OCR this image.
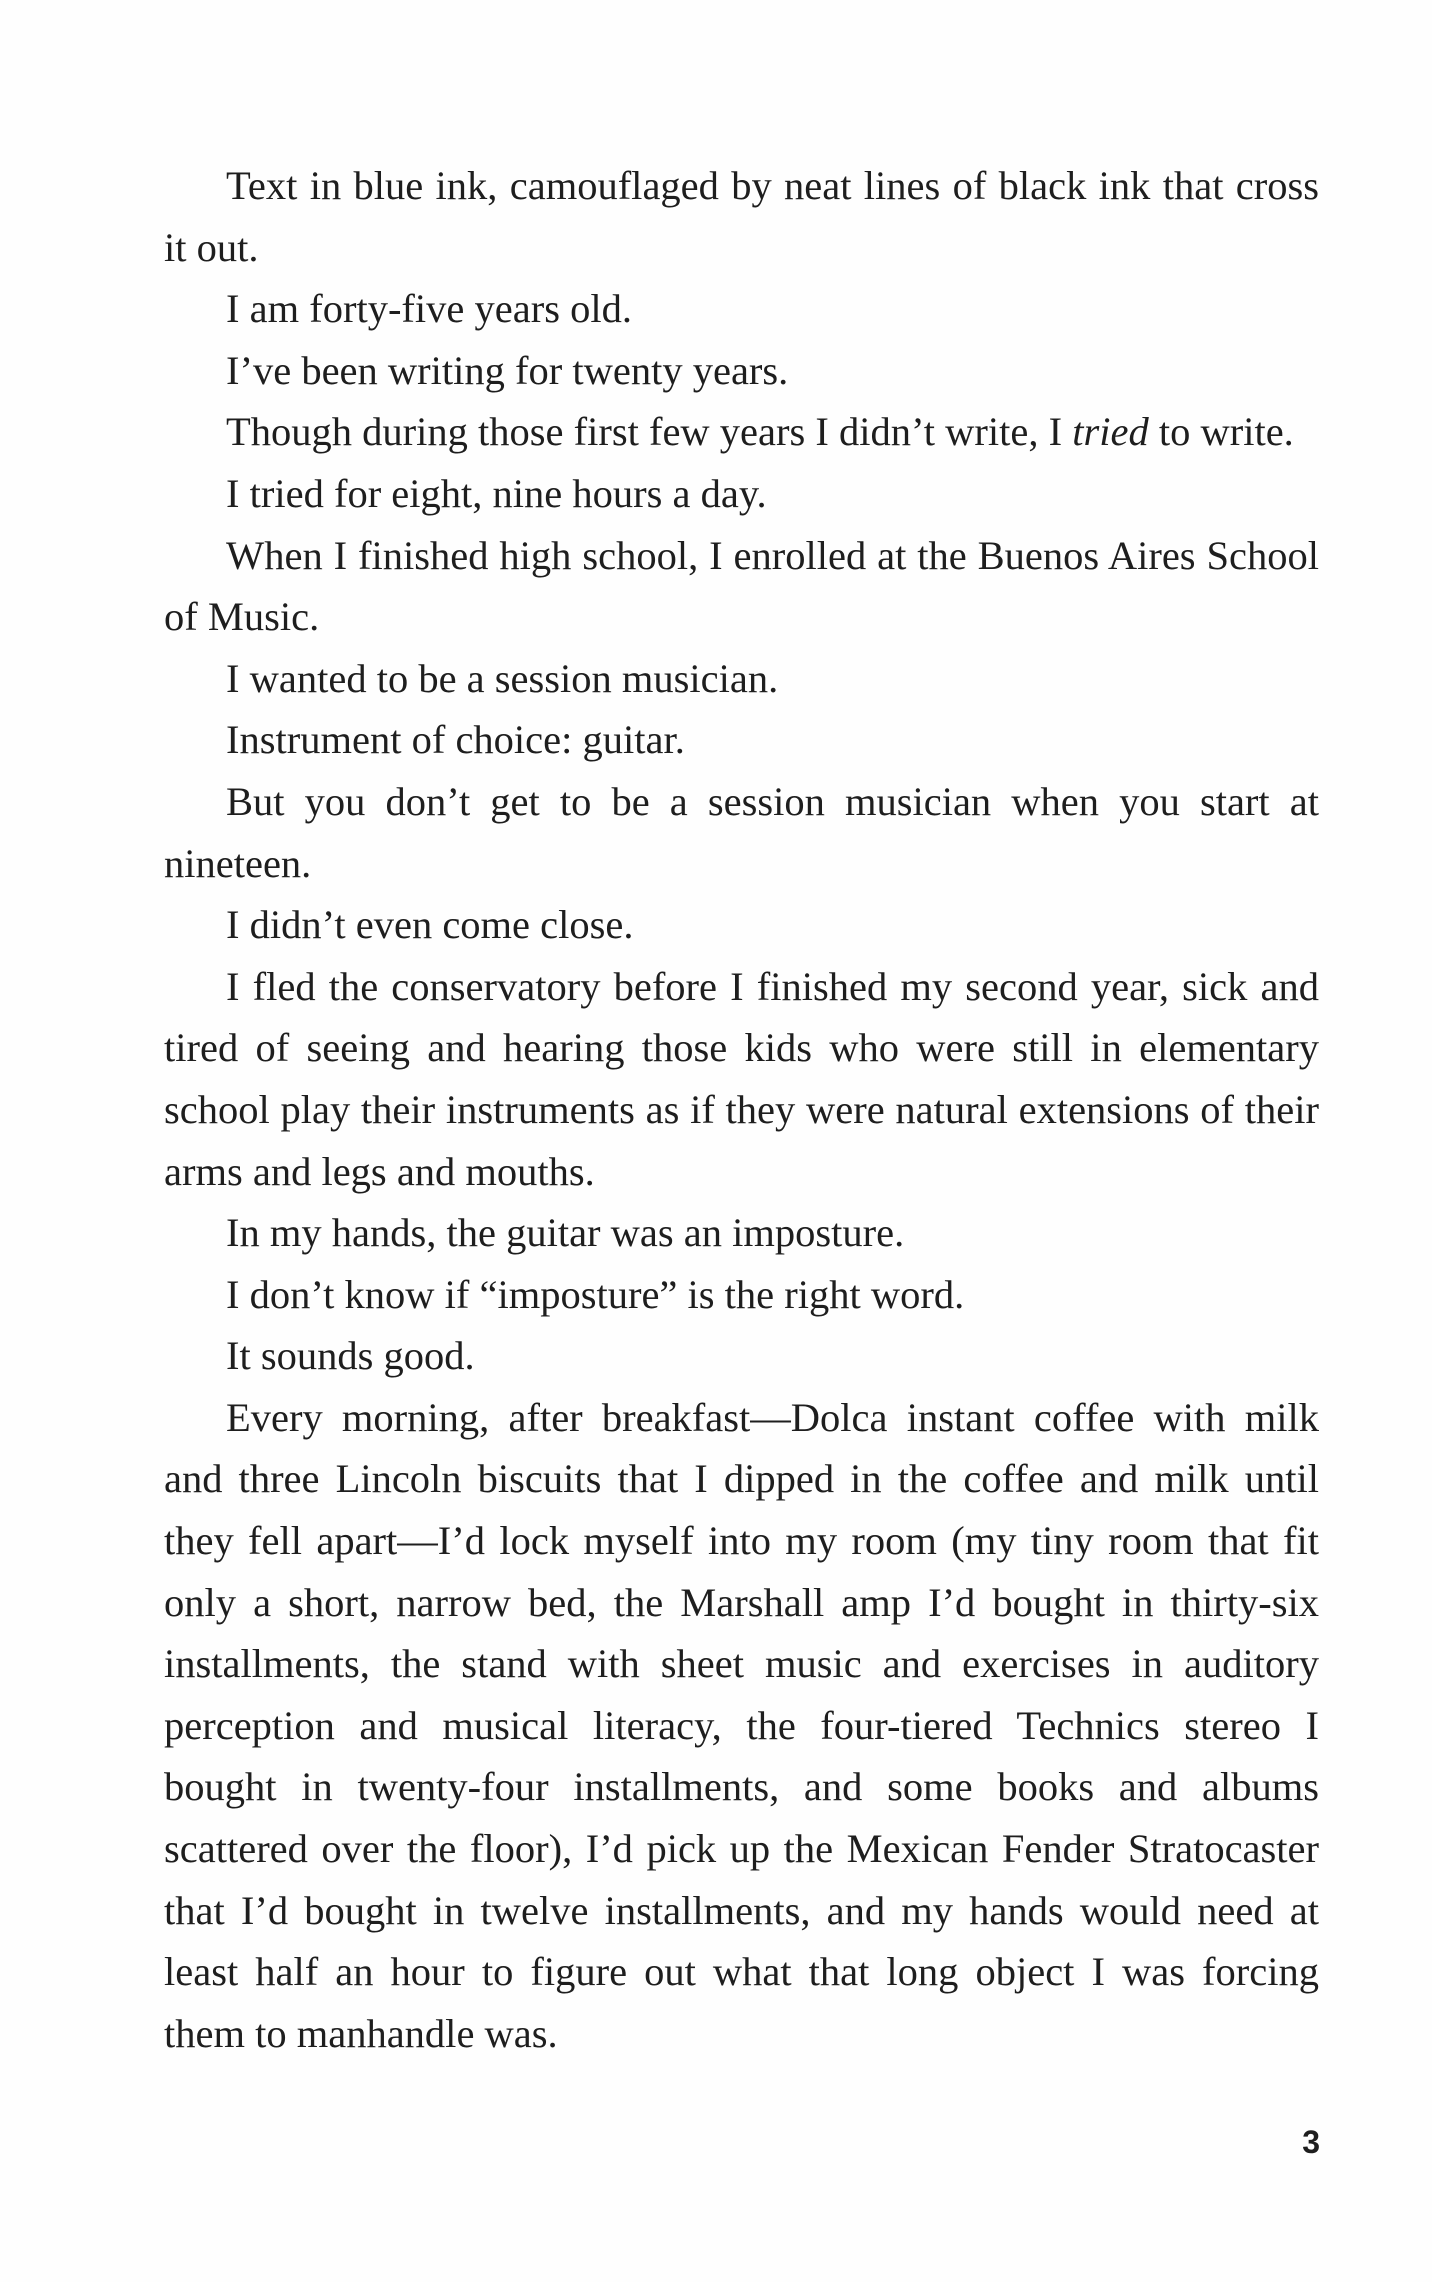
Text in blue ink, camouflaged by neat lines of black ink that cross it out.

I am forty-five years old.

I’ve been writing for twenty years.

Though during those first few years I didn’t write, I tried to write.

I tried for eight, nine hours a day.

When I finished high school, I enrolled at the Buenos Aires School of Music.

I wanted to be a session musician.

Instrument of choice: guitar.

But you don’t get to be a session musician when you start at nineteen.

I didn’t even come close.

I fled the conservatory before I finished my second year, sick and tired of seeing and hearing those kids who were still in elementary school play their instruments as if they were natural extensions of their arms and legs and mouths.

In my hands, the guitar was an imposture.

I don’t know if “imposture” is the right word.

It sounds good.

Every morning, after breakfast—Dolca instant coffee with milk and three Lincoln biscuits that I dipped in the coffee and milk until they fell apart—I’d lock myself into my room (my tiny room that fit only a short, narrow bed, the Marshall amp I’d bought in thirty-six installments, the stand with sheet music and exercises in auditory perception and musical literacy, the four-tiered Technics stereo I bought in twenty-four installments, and some books and albums scattered over the floor), I’d pick up the Mexican Fender Stratocaster that I’d bought in twelve installments, and my hands would need at least half an hour to figure out what that long object I was forcing them to manhandle was.

3
